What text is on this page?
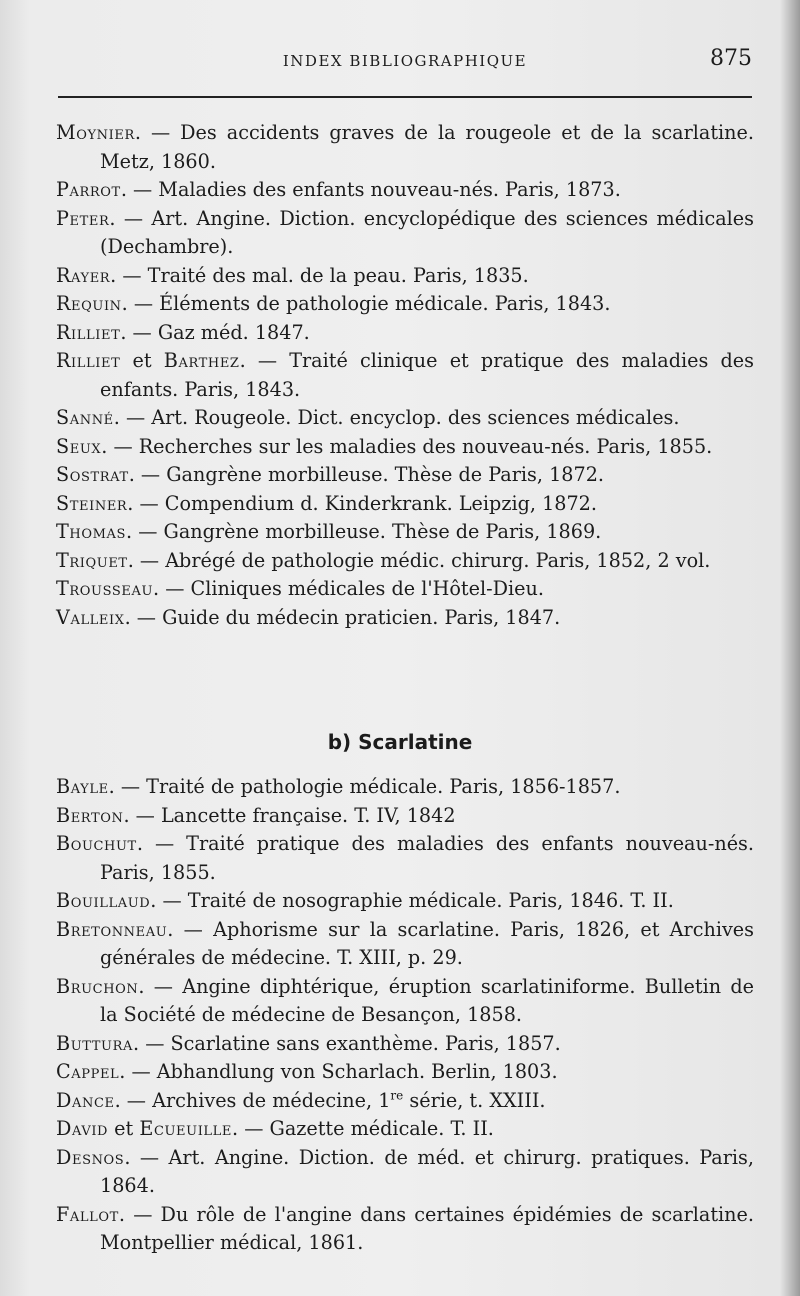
INDEX BIBLIOGRAPHIQUE	875
Moynier. — Des accidents graves de la rougeole et de la scarlatine. Metz, 1860.
Parrot. — Maladies des enfants nouveau-nés. Paris, 1873.
Peter. — Art. Angine. Diction. encyclopédique des sciences médicales (Dechambre).
Rayer. — Traité des mal. de la peau. Paris, 1835.
Requin. — Éléments de pathologie médicale. Paris, 1843.
Rilliet. — Gaz méd. 1847.
Rilliet et Barthez. — Traité clinique et pratique des maladies des enfants. Paris, 1843.
Sanné. — Art. Rougeole. Dict. encyclop. des sciences médicales.
Seux. — Recherches sur les maladies des nouveau-nés. Paris, 1855.
Sostrat. — Gangrène morbilleuse. Thèse de Paris, 1872.
Steiner. — Compendium d. Kinderkrank. Leipzig, 1872.
Thomas. — Gangrène morbilleuse. Thèse de Paris, 1869.
Triquet. — Abrégé de pathologie médic. chirurg. Paris, 1852, 2 vol.
Trousseau. — Cliniques médicales de l'Hôtel-Dieu.
Valleix. — Guide du médecin praticien. Paris, 1847.
b) Scarlatine
Bayle. — Traité de pathologie médicale. Paris, 1856-1857.
Berton. — Lancette française. T. IV, 1842
Bouchut. — Traité pratique des maladies des enfants nouveau-nés. Paris, 1855.
Bouillaud. — Traité de nosographie médicale. Paris, 1846. T. II.
Bretonneau. — Aphorisme sur la scarlatine. Paris, 1826, et Archives générales de médecine. T. XIII, p. 29.
Bruchon. — Angine diphtérique, éruption scarlatiniforme. Bulletin de la Société de médecine de Besançon, 1858.
Buttura. — Scarlatine sans exanthème. Paris, 1857.
Cappel. — Abhandlung von Scharlach. Berlin, 1803.
Dance. — Archives de médecine, 1re série, t. XXIII.
David et Ecueuille. — Gazette médicale. T. II.
Desnos. — Art. Angine. Diction. de méd. et chirurg. pratiques. Paris, 1864.
Fallot. — Du rôle de l'angine dans certaines épidémies de scarlatine. Montpellier médical, 1861.
